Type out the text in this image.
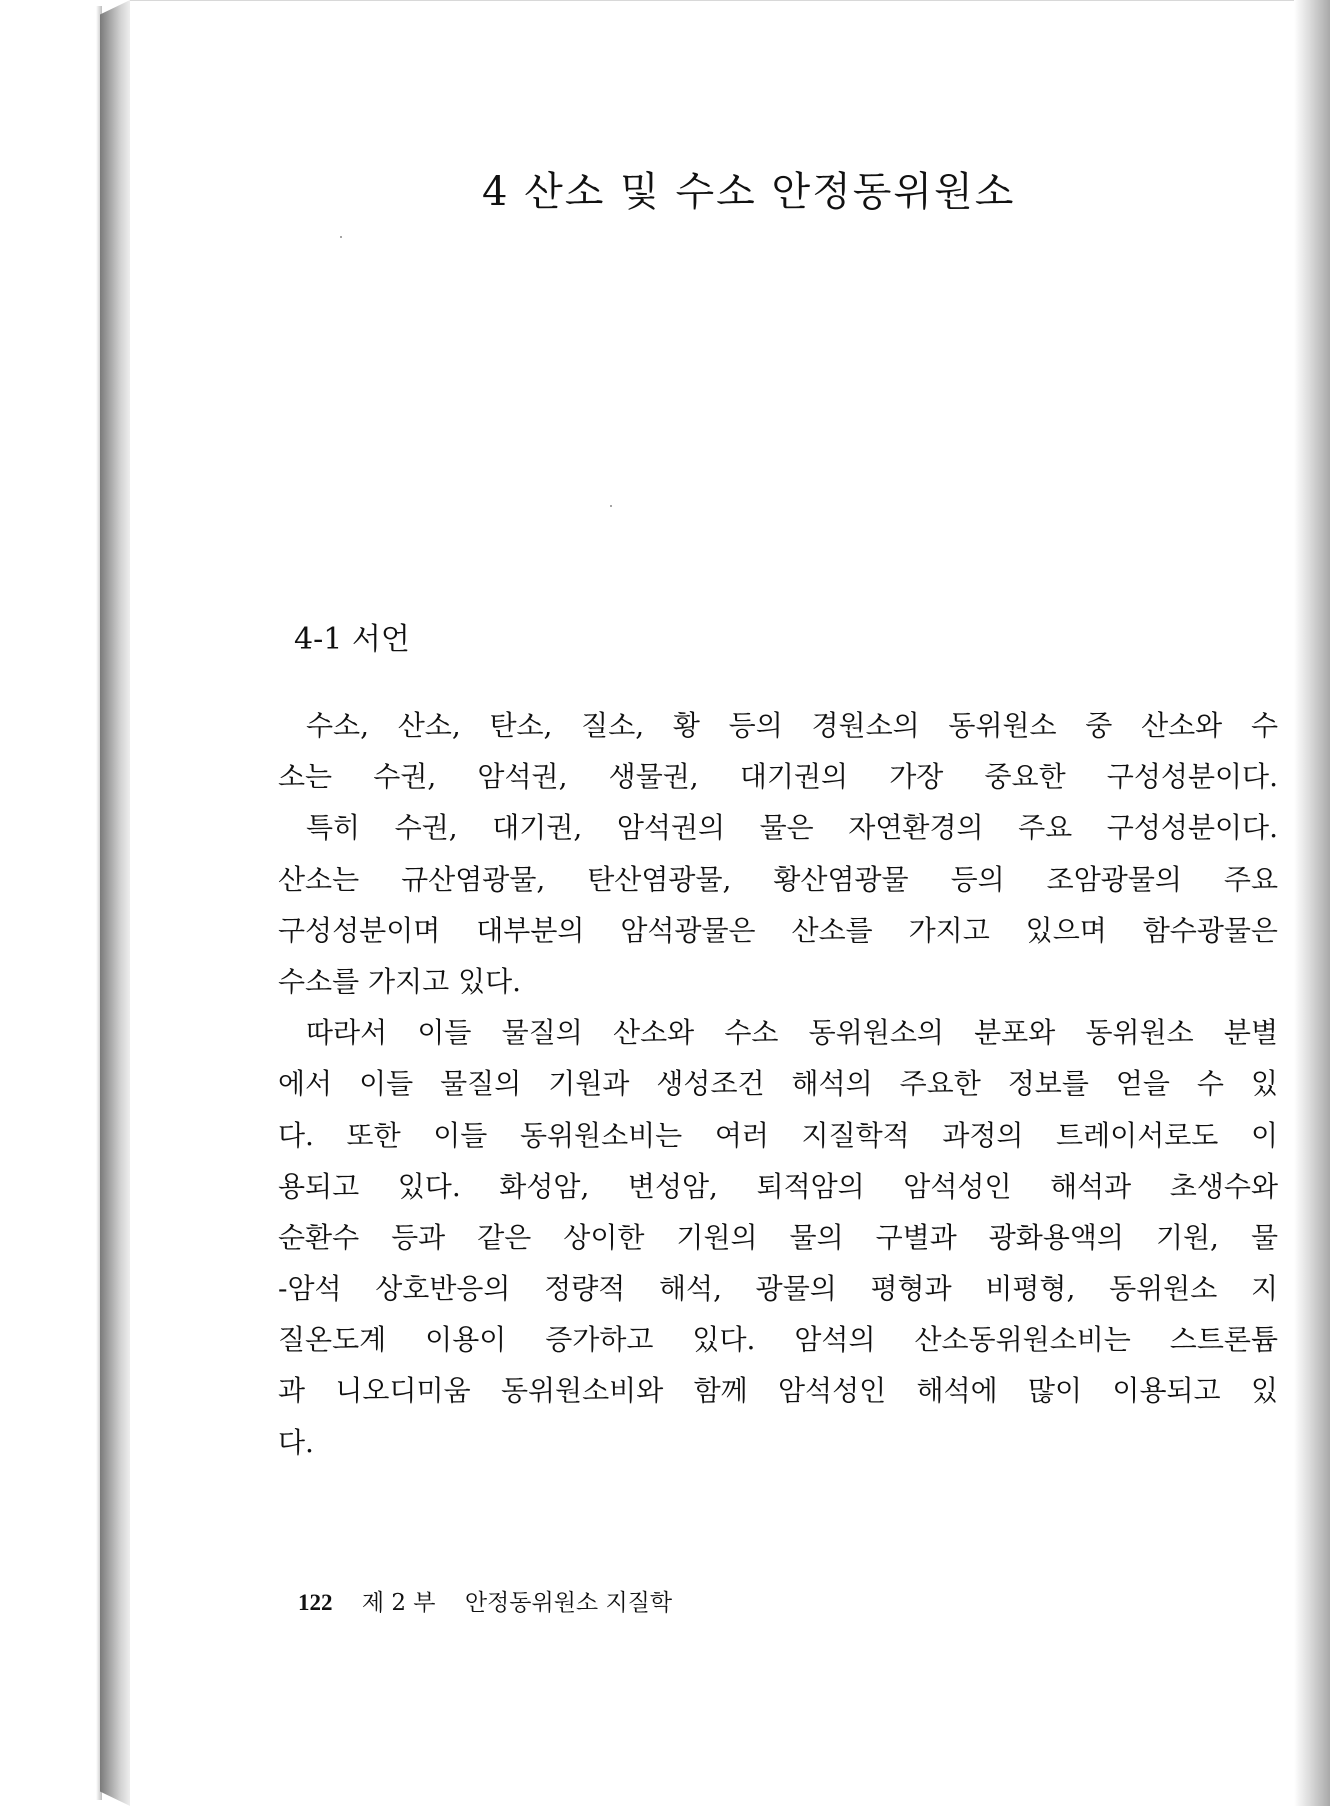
4 산소 및 수소 안정동위원소
4-1 서언
수소, 산소, 탄소, 질소, 황 등의 경원소의 동위원소 중 산소와 수
소는 수권, 암석권, 생물권, 대기권의 가장 중요한 구성성분이다.
특히 수권, 대기권, 암석권의 물은 자연환경의 주요 구성성분이다.
산소는 규산염광물, 탄산염광물, 황산염광물 등의 조암광물의 주요
구성성분이며 대부분의 암석광물은 산소를 가지고 있으며 함수광물은
수소를 가지고 있다.
따라서 이들 물질의 산소와 수소 동위원소의 분포와 동위원소 분별
에서 이들 물질의 기원과 생성조건 해석의 주요한 정보를 얻을 수 있
다. 또한 이들 동위원소비는 여러 지질학적 과정의 트레이서로도 이
용되고 있다. 화성암, 변성암, 퇴적암의 암석성인 해석과 초생수와
순환수 등과 같은 상이한 기원의 물의 구별과 광화용액의 기원, 물
-암석 상호반응의 정량적 해석, 광물의 평형과 비평형, 동위원소 지
질온도계 이용이 증가하고 있다. 암석의 산소동위원소비는 스트론튬
과 니오디미움 동위원소비와 함께 암석성인 해석에 많이 이용되고 있
다.
122 제 2 부 안정동위원소 지질학
